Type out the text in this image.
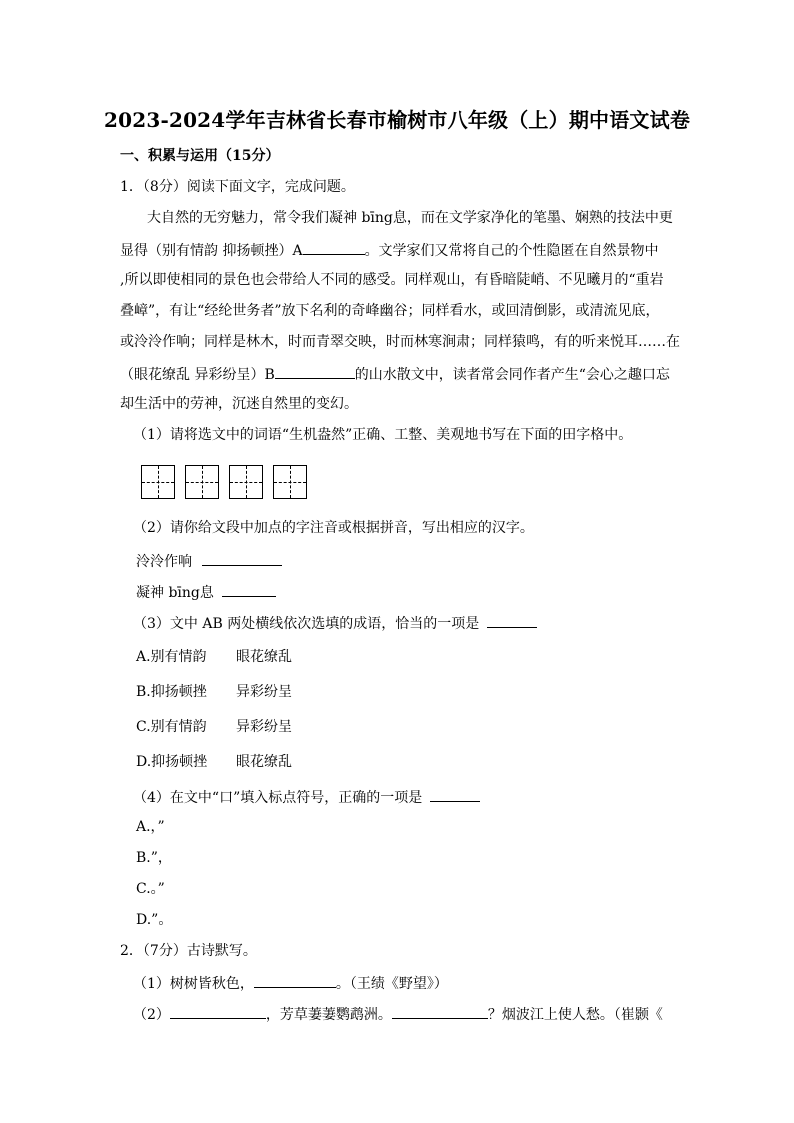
2023-2024学年吉林省长春市榆树市八年级（上）期中语文试卷
一、积累与运用（15分）
1．（8分）阅读下面文字，完成问题。
大自然的无穷魅力，常令我们凝神 bīng息，而在文学家净化的笔墨、娴熟的技法中更
显得（别有情韵 抑扬顿挫）A	。文学家们又常将自己的个性隐匿在自然景物中
,所以即使相同的景色也会带给人不同的感受。同样观山，有昏暗陡峭、不见曦月的“重岩
叠嶂”，有让“经纶世务者”放下名利的奇峰幽谷；同样看水，或回清倒影，或清流见底，
或泠泠作响；同样是林木，时而青翠交映，时而林寒涧肃；同样猿鸣，有的听来悦耳……在
（眼花缭乱 异彩纷呈）B	的山水散文中，读者常会同作者产生“会心之趣口忘
却生活中的劳神，沉迷自然里的变幻。
（1）请将选文中的词语“生机盎然”正确、工整、美观地书写在下面的田字格中。
（2）请你给文段中加点的字注音或根据拼音，写出相应的汉字。
泠泠作响
凝神 bīng息
（3）文中 AB 两处横线依次选填的成语，恰当的一项是
A.别有情韵 眼花缭乱
B.抑扬顿挫 异彩纷呈
C.别有情韵 异彩纷呈
D.抑扬顿挫 眼花缭乱
（4）在文中“口”填入标点符号，正确的一项是
A.，”
B.”，
C.。”
D.”。
2．（7分）古诗默写。
（1）树树皆秋色，	。（王绩《野望》）
（2）	，芳草萋萋鹦鹉洲。	？烟波江上使人愁。（崔颢《
